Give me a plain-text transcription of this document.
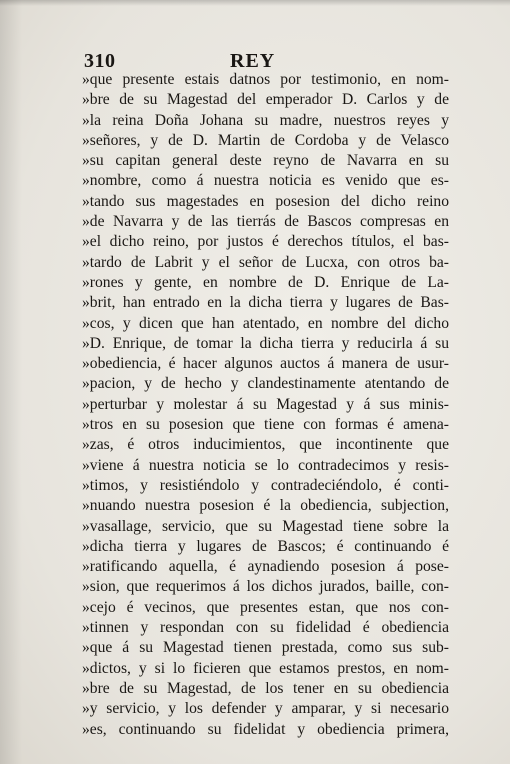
310	REY
»que presente estais datnos por testimonio, en nom-
»bre de su Magestad del emperador D. Carlos y de
»la reina Doña Johana su madre, nuestros reyes y
»señores, y de D. Martin de Cordoba y de Velasco
»su capitan general deste reyno de Navarra en su
»nombre, como á nuestra noticia es venido que es-
»tando sus magestades en posesion del dicho reino
»de Navarra y de las tierrás de Bascos compresas en
»el dicho reino, por justos é derechos títulos, el bas-
»tardo de Labrit y el señor de Lucxa, con otros ba-
»rones y gente, en nombre de D. Enrique de La-
»brit, han entrado en la dicha tierra y lugares de Bas-
»cos, y dicen que han atentado, en nombre del dicho
»D. Enrique, de tomar la dicha tierra y reducirla á su
»obediencia, é hacer algunos auctos á manera de usur-
»pacion, y de hecho y clandestinamente atentando de
»perturbar y molestar á su Magestad y á sus minis-
»tros en su posesion que tiene con formas é amena-
»zas, é otros inducimientos, que incontinente que
»viene á nuestra noticia se lo contradecimos y resis-
»timos, y resistiéndolo y contradeciéndolo, é conti-
»nuando nuestra posesion é la obediencia, subjection,
»vasallage, servicio, que su Magestad tiene sobre la
»dicha tierra y lugares de Bascos; é continuando é
»ratificando aquella, é aynadiendo posesion á pose-
»sion, que requerimos á los dichos jurados, baille, con-
»cejo é vecinos, que presentes estan, que nos con-
»tinnen y respondan con su fidelidad é obediencia
»que á su Magestad tienen prestada, como sus sub-
»dictos, y si lo ficieren que estamos prestos, en nom-
»bre de su Magestad, de los tener en su obediencia
»y servicio, y los defender y amparar, y si necesario
»es, continuando su fidelidat y obediencia primera,
